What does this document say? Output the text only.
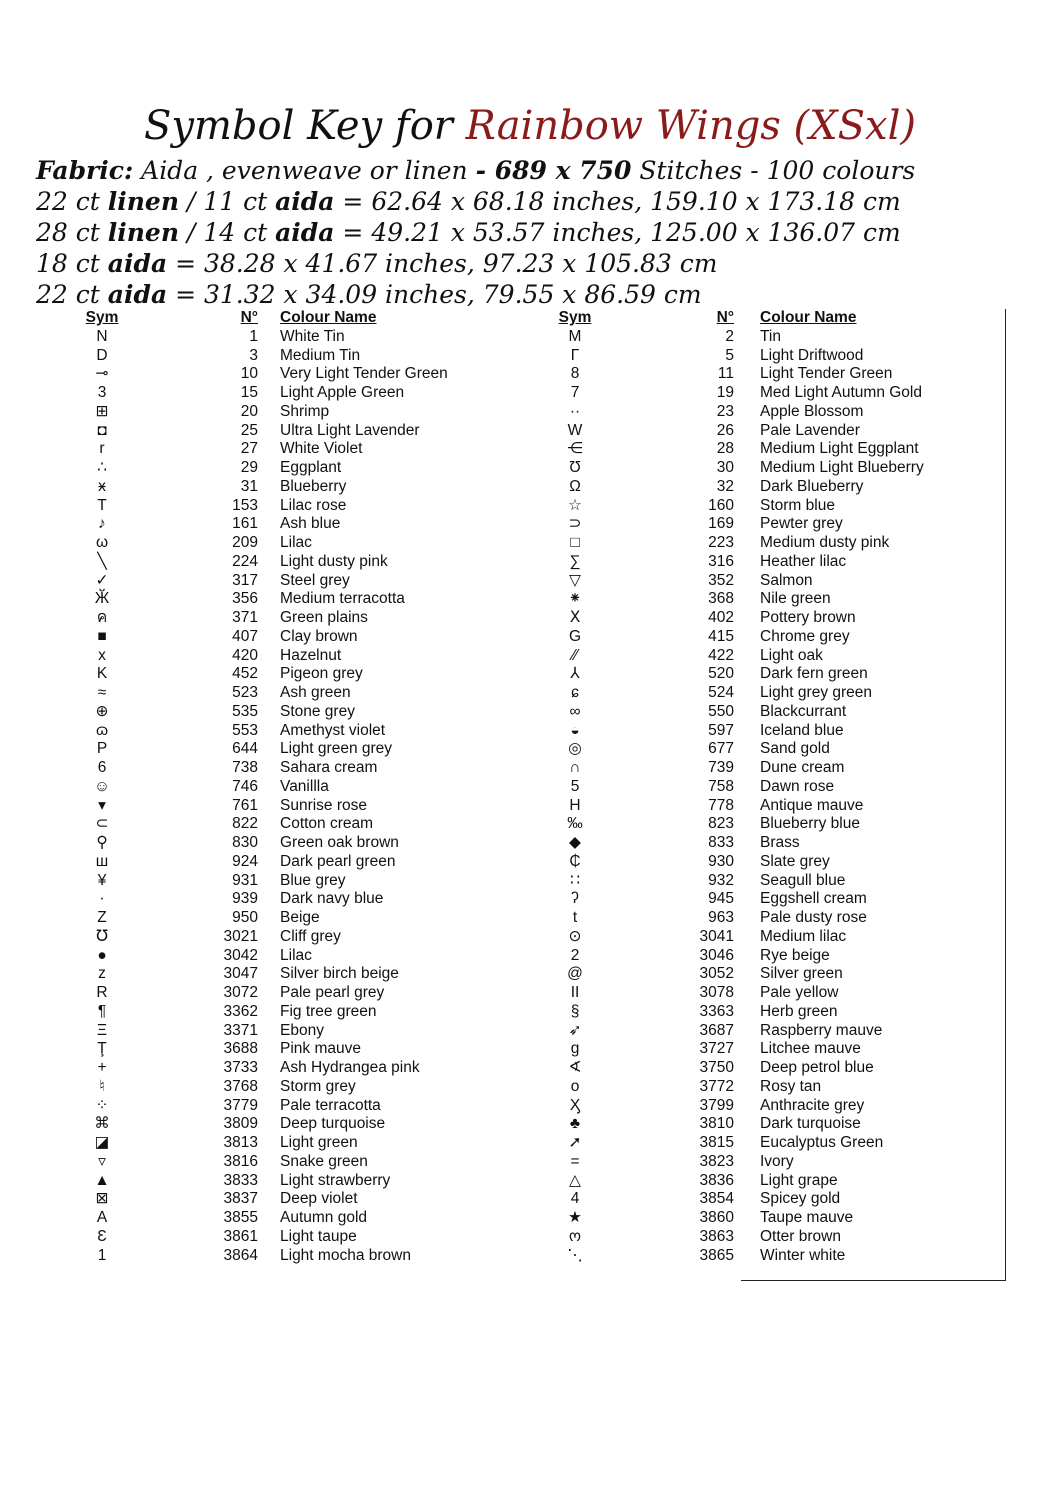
Symbol Key for Rainbow Wings (XSxl)
Fabric: Aida , evenweave or linen - 689 x 750 Stitches - 100 colours
22 ct linen / 11 ct aida = 62.64 x 68.18 inches, 159.10 x 173.18 cm
28 ct linen / 14 ct aida = 49.21 x 53.57 inches, 125.00 x 136.07 cm
18 ct aida = 38.28 x 41.67 inches, 97.23 x 105.83 cm
22 ct aida = 31.32 x 34.09 inches, 79.55 x 86.59 cm
Sym	N° Colour Name
N	1 White Tin
D	3 Medium Tin
⊸	10 Very Light Tender Green
3	15 Light Apple Green
⊞	20 Shrimp
◘	25 Ultra Light Lavender
r	27 White Violet
∴	29 Eggplant
ӿ	31 Blueberry
T	153 Lilac rose
♪	161 Ash blue
ω	209 Lilac
╲	224 Light dusty pink
✓	317 Steel grey
Ӂ	356 Medium terracotta
ค	371 Green plains
■	407 Clay brown
x	420 Hazelnut
K	452 Pigeon grey
≈	523 Ash green
⊕	535 Stone grey
ɷ	553 Amethyst violet
P	644 Light green grey
6	738 Sahara cream
☺	746 Vanillla
▾	761 Sunrise rose
⊂	822 Cotton cream
⚲	830 Green oak brown
ш	924 Dark pearl green
¥	931 Blue grey
·	939 Dark navy blue
Z	950 Beige
℧	3021 Cliff grey
●	3042 Lilac
z	3047 Silver birch beige
R	3072 Pale pearl grey
¶	3362 Fig tree green
Ξ	3371 Ebony
Ţ	3688 Pink mauve
+	3733 Ash Hydrangea pink
♮	3768 Storm grey
⁘	3779 Pale terracotta
⌘	3809 Deep turquoise
◪	3813 Light green
▿	3816 Snake green
▲	3833 Light strawberry
⊠	3837 Deep violet
A	3855 Autumn gold
Ɛ	3861 Light taupe
1	3864 Light mocha brown
Sym	N° Colour Name
M	2 Tin
Γ	5 Light Driftwood
8	11 Light Tender Green
7	19 Med Light Autumn Gold
··	23 Apple Blossom
W	26 Pale Lavender
⋲	28 Medium Light Eggplant
Ʊ	30 Medium Light Blueberry
Ω	32 Dark Blueberry
☆	160 Storm blue
⊃	169 Pewter grey
□	223 Medium dusty pink
∑	316 Heather lilac
▽	352 Salmon
⁕	368 Nile green
Ⅹ	402 Pottery brown
G	415 Chrome grey
⁄⁄	422 Light oak
⅄	520 Dark fern green
ɕ	524 Light grey green
∞	550 Blackcurrant
◒	597 Iceland blue
◎	677 Sand gold
∩	739 Dune cream
5	758 Dawn rose
H	778 Antique mauve
‰	823 Blueberry blue
◆	833 Brass
₵	930 Slate grey
∷	932 Seagull blue
ʔ	945 Eggshell cream
t	963 Pale dusty rose
⊙	3041 Medium lilac
2	3046 Rye beige
@	3052 Silver green
II	3078 Pale yellow
§	3363 Herb green
➶	3687 Raspberry mauve
g	3727 Litchee mauve
∢	3750 Deep petrol blue
o	3772 Rosy tan
Ӽ	3799 Anthracite grey
♣	3810 Dark turquoise
➚	3815 Eucalyptus Green
=	3823 Ivory
△	3836 Light grape
4	3854 Spicey gold
★	3860 Taupe mauve
ო	3863 Otter brown
⋱	3865 Winter white
